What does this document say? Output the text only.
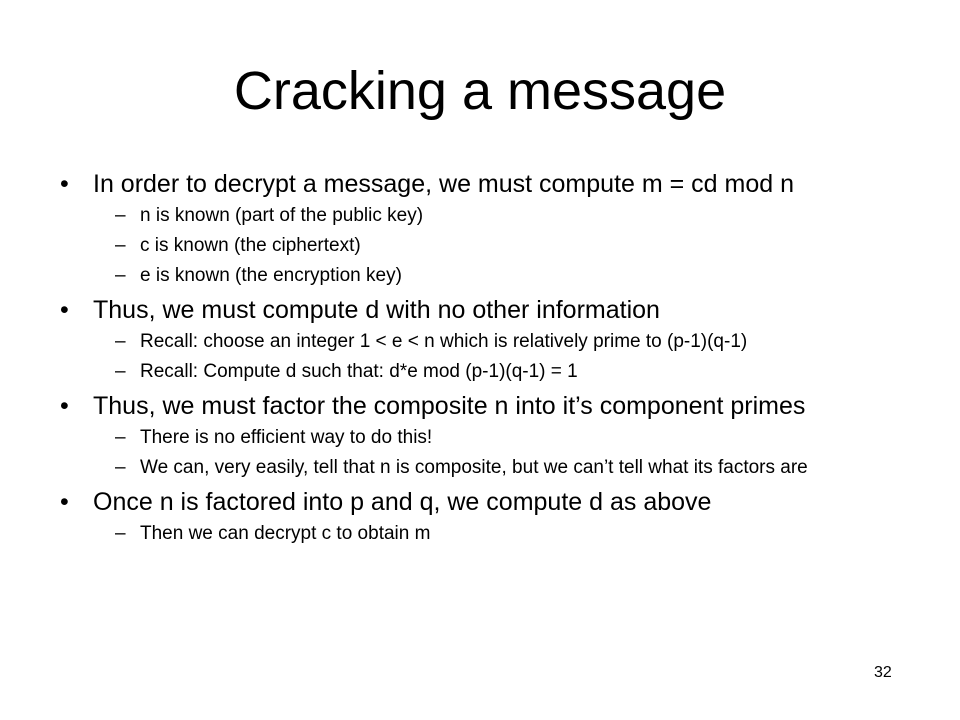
Cracking a message
• In order to decrypt a message, we must compute m = cd mod n
– n is known (part of the public key)
– c is known (the ciphertext)
– e is known (the encryption key)
• Thus, we must compute d with no other information
– Recall: choose an integer 1 < e < n which is relatively prime to (p-1)(q-1)
– Recall: Compute d such that: d*e mod (p-1)(q-1) = 1
• Thus, we must factor the composite n into it’s component primes
– There is no efficient way to do this!
– We can, very easily, tell that n is composite, but we can’t tell what its factors are
• Once n is factored into p and q, we compute d as above
– Then we can decrypt c to obtain m
32
